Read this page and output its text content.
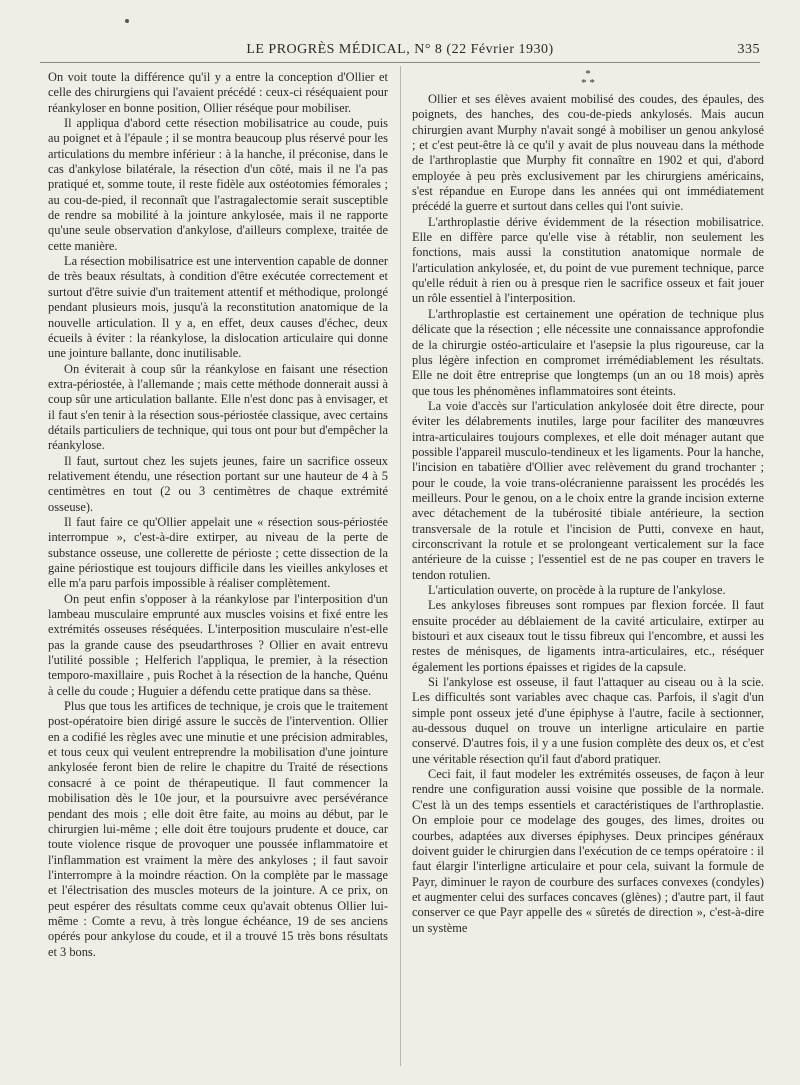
LE PROGRÈS MÉDICAL, N° 8 (22 Février 1930)	335

On voit toute la différence qu'il y a entre la conception d'Ollier et celle des chirurgiens qui l'avaient précédé : ceux-ci réséquaient pour réankyloser en bonne position, Ollier réséque pour mobiliser.

Il appliqua d'abord cette résection mobilisatrice au coude, puis au poignet et à l'épaule ; il se montra beaucoup plus réservé pour les articulations du membre inférieur : à la hanche, il préconise, dans le cas d'ankylose bilatérale, la résection d'un côté, mais il ne l'a pas pratiqué et, somme toute, il reste fidèle aux ostéotomies fémorales ; au cou-de-pied, il reconnaît que l'astragalectomie serait susceptible de rendre sa mobilité à la jointure ankylosée, mais il ne rapporte qu'une seule observation d'ankylose, d'ailleurs complexe, traitée de cette manière.

La résection mobilisatrice est une intervention capable de donner de très beaux résultats, à condition d'être exécutée correctement et surtout d'être suivie d'un traitement attentif et méthodique, prolongé pendant plusieurs mois, jusqu'à la reconstitution anatomique de la nouvelle articulation. Il y a, en effet, deux causes d'échec, deux écueils à éviter : la réankylose, la dislocation articulaire qui donne une jointure ballante, donc inutilisable.

On éviterait à coup sûr la réankylose en faisant une résection extra-périostée, à l'allemande ; mais cette méthode donnerait aussi à coup sûr une articulation ballante. Elle n'est donc pas à envisager, et il faut s'en tenir à la résection sous-périostée classique, avec certains détails particuliers de technique, qui tous ont pour but d'empêcher la réankylose.

Il faut, surtout chez les sujets jeunes, faire un sacrifice osseux relativement étendu, une résection portant sur une hauteur de 4 à 5 centimètres en tout (2 ou 3 centimètres de chaque extrémité osseuse).

Il faut faire ce qu'Ollier appelait une « résection sous-périostée interrompue », c'est-à-dire extirper, au niveau de la perte de substance osseuse, une collerette de périoste ; cette dissection de la gaine périostique est toujours difficile dans les vieilles ankyloses et elle m'a paru parfois impossible à réaliser complètement.

On peut enfin s'opposer à la réankylose par l'interposition d'un lambeau musculaire emprunté aux muscles voisins et fixé entre les extrémités osseuses réséquées. L'interposition musculaire n'est-elle pas la grande cause des pseudarthroses ? Ollier en avait entrevu l'utilité possible ; Helferich l'appliqua, le premier, à la résection temporo-maxillaire , puis Rochet à la résection de la hanche, Quénu à celle du coude ; Huguier a défendu cette pratique dans sa thèse.

Plus que tous les artifices de technique, je crois que le traitement post-opératoire bien dirigé assure le succès de l'intervention. Ollier en a codifié les règles avec une minutie et une précision admirables, et tous ceux qui veulent entreprendre la mobilisation d'une jointure ankylosée feront bien de relire le chapitre du Traité de résections consacré à ce point de thérapeutique. Il faut commencer la mobilisation dès le 10e jour, et la poursuivre avec persévérance pendant des mois ; elle doit être faite, au moins au début, par le chirurgien lui-même ; elle doit être toujours prudente et douce, car toute violence risque de provoquer une poussée inflammatoire et l'inflammation est vraiment la mère des ankyloses ; il faut savoir l'interrompre à la moindre réaction. On la complète par le massage et l'électrisation des muscles moteurs de la jointure. A ce prix, on peut espérer des résultats comme ceux qu'avait obtenus Ollier lui-même : Comte a revu, à très longue échéance, 19 de ses anciens opérés pour ankylose du coude, et il a trouvé 15 très bons résultats et 3 bons.

*
* *

Ollier et ses élèves avaient mobilisé des coudes, des épaules, des poignets, des hanches, des cou-de-pieds ankylosés. Mais aucun chirurgien avant Murphy n'avait songé à mobiliser un genou ankylosé ; et c'est peut-être là ce qu'il y avait de plus nouveau dans la méthode de l'arthroplastie que Murphy fit connaître en 1902 et qui, d'abord employée à peu près exclusivement par les chirurgiens américains, s'est répandue en Europe dans les années qui ont immédiatement précédé la guerre et surtout dans celles qui l'ont suivie.

L'arthroplastie dérive évidemment de la résection mobilisatrice. Elle en diffère parce qu'elle vise à rétablir, non seulement les fonctions, mais aussi la constitution anatomique normale de l'articulation ankylosée, et, du point de vue purement technique, parce qu'elle réduit à rien ou à presque rien le sacrifice osseux et fait jouer un rôle essentiel à l'interposition.

L'arthroplastie est certainement une opération de technique plus délicate que la résection ; elle nécessite une connaissance approfondie de la chirurgie ostéo-articulaire et l'asepsie la plus rigoureuse, car la plus légère infection en compromet irrémédiablement les résultats. Elle ne doit être entreprise que longtemps (un an ou 18 mois) après que tous les phénomènes inflammatoires sont éteints.

La voie d'accès sur l'articulation ankylosée doit être directe, pour éviter les délabrements inutiles, large pour faciliter des manœuvres intra-articulaires toujours complexes, et elle doit ménager autant que possible l'appareil musculo-tendineux et les ligaments. Pour la hanche, l'incision en tabatière d'Ollier avec relèvement du grand trochanter ; pour le coude, la voie trans-olécranienne paraissent les procédés les meilleurs. Pour le genou, on a le choix entre la grande incision externe avec détachement de la tubérosité tibiale antérieure, la section transversale de la rotule et l'incision de Putti, convexe en haut, circonscrivant la rotule et se prolongeant verticalement sur la face antérieure de la cuisse ; l'essentiel est de ne pas couper en travers le tendon rotulien.

L'articulation ouverte, on procède à la rupture de l'ankylose.

Les ankyloses fibreuses sont rompues par flexion forcée. Il faut ensuite procéder au déblaiement de la cavité articulaire, extirper au bistouri et aux ciseaux tout le tissu fibreux qui l'encombre, et aussi les restes de ménisques, de ligaments intra-articulaires, etc., réséquer également les portions épaisses et rigides de la capsule.

Si l'ankylose est osseuse, il faut l'attaquer au ciseau ou à la scie. Les difficultés sont variables avec chaque cas. Parfois, il s'agit d'un simple pont osseux jeté d'une épiphyse à l'autre, facile à sectionner, au-dessous duquel on trouve un interligne articulaire en partie conservé. D'autres fois, il y a une fusion complète des deux os, et c'est une véritable résection qu'il faut d'abord pratiquer.

Ceci fait, il faut modeler les extrémités osseuses, de façon à leur rendre une configuration aussi voisine que possible de la normale. C'est là un des temps essentiels et caractéristiques de l'arthroplastie. On emploie pour ce modelage des gouges, des limes, droites ou courbes, adaptées aux diverses épiphyses. Deux principes généraux doivent guider le chirurgien dans l'exécution de ce temps opératoire : il faut élargir l'interligne articulaire et pour cela, suivant la formule de Payr, diminuer le rayon de courbure des surfaces convexes (condyles) et augmenter celui des surfaces concaves (glènes) ; d'autre part, il faut conserver ce que Payr appelle des « sûretés de direction », c'est-à-dire un système
